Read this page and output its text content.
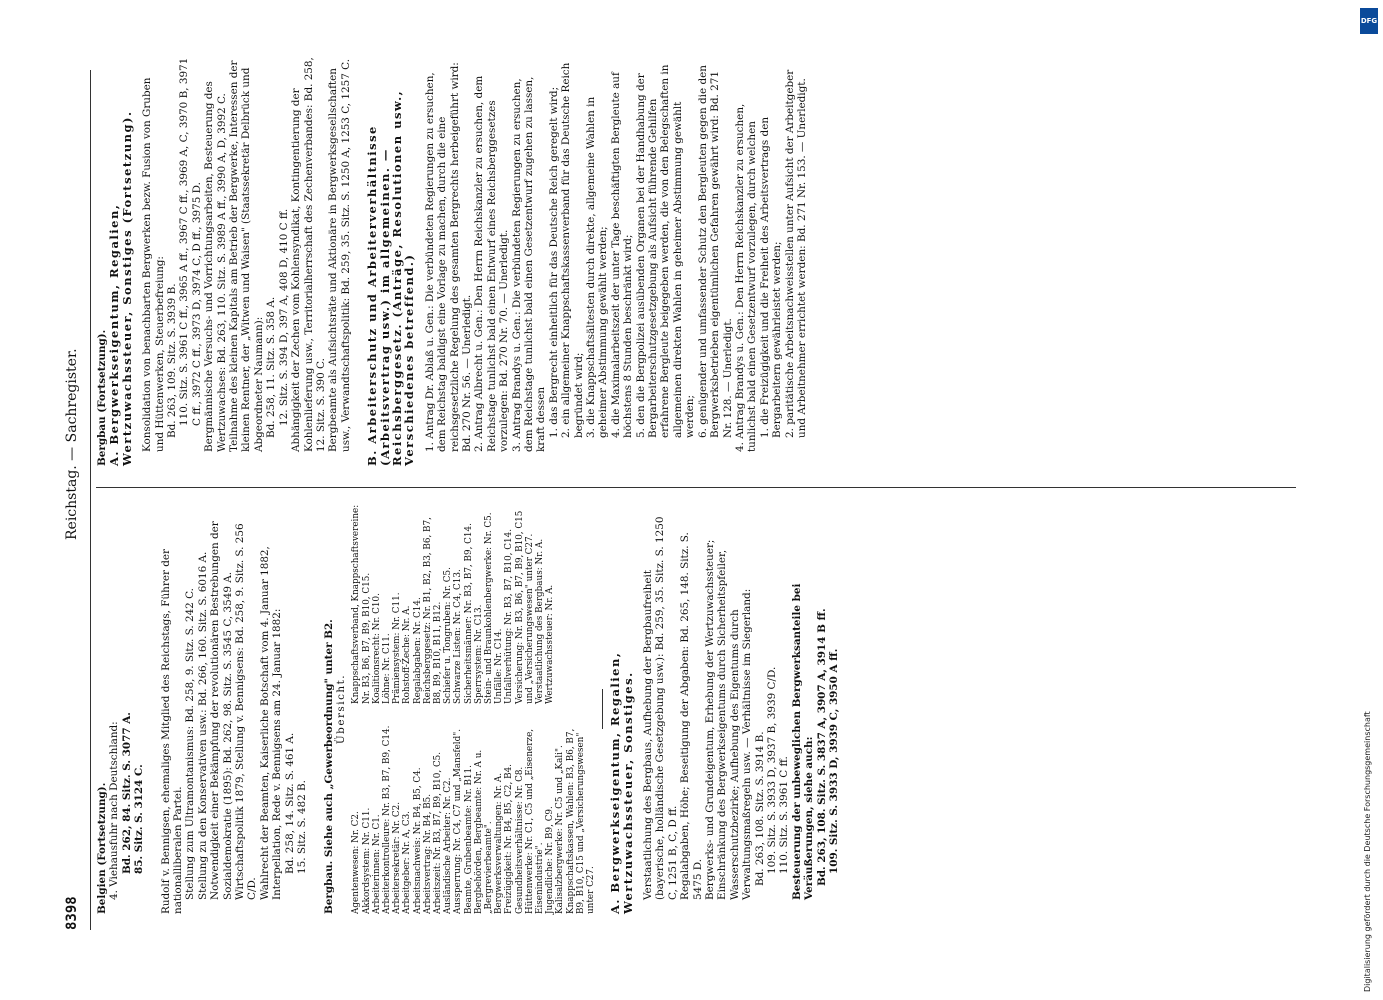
8398
Reichstag. — Sachregister.

Belgien (Fortsetzung). 4. Viehausfuhr nach Deutschland: Bd. 262, 84. Sitz. S. 3077 A. 85. Sitz. S. 3124 C. Rudolf v. Bennigsen, ehemaliges Mitglied des Reichstags, Führer der nationalliberalen Partei. Stellung zum Ultramontanismus: Bd. 258, 9. Sitz. S. 242 C. Stellung zu den Konservativen usw.: Bd. 266, 160. Sitz. S. 6016 A. Notwendigkeit einer Bekämpfung der revolutionären Bestrebungen der Sozialdemokratie (1895): Bd. 262, 98. Sitz. S. 3545 C, 3549 A. Wirtschaftspolitik 1879, Stellung v. Bennigsens: Bd. 258, 9. Sitz. S. 256 C/D. Wahlrecht der Beamten, Kaiserliche Botschaft vom 4. Januar 1882, Interpellation, Rede v. Bennigsens am 24. Januar 1882: Bd. 258, 14. Sitz. S. 461 A. 15. Sitz. S. 482 B. Bergbau. Siehe auch „Gewerbeordnung" unter B2. Übersicht.

Agentenwesen: Nr. C2. Akkordsystem: Nr. C11. Arbeiterinnen: Nr. C1. Arbeiterkontrolleure: Nr. B3, B7, B9, C14. Arbeitersekretär: Nr. C2. Arbeitgeber: Nr. A, C3. Arbeitsnachweis: Nr. B4, B5, C4. Arbeitsvertrag: Nr. B4, B5. Arbeitszeit: Nr. B3, B7, B9, B10, C5. Ausländische Arbeiter: Nr. C2. Aussperrung: Nr. C4, C7 und „Mansfeld". Beamte, Grubenbeamte: Nr. B11. Bergbehörden, Bergbeamte: Nr. A u. „Bergrevierbeamte". Bergwerksverwaltungen: Nr. A. Freizügigkeit: Nr. B4, B5, C2, B4. Gesundheitsverhältnisse: Nr. C8. Hüttenwerke: Nr. C1, C5 und „Eisenerze, Eisenindustrie". Jugendliche: Nr. B9, C9. Kalisalzbergwerke: Nr. C5 und „Kali". Knappschaftskassen, Wahlen: B3, B6, B7, B9, B10, C15 und „Versicherungswesen" unter C27.

Knappschaftsverband, Knappschaftsvereine: Nr. B3, B6, B7, B9, B10, C15. Koalitionsrecht: Nr. C10. Löhne: Nr. C11. Prämiensystem: Nr. C11. Rohstoff-Zeche: Nr. A. Regalabgaben: Nr. C14. Reichsberggesetz: Nr. B1, B2, B3, B6, B7, B8, B9, B10, B11, B12. Schiefer u. Tongruben: Nr. C5. Schwarze Listen: Nr. C4, C13. Sicherheitsmänner: Nr. B3, B7, B9, C14. Sperrsystem: Nr. C13. Stein- und Braunkohlenbergwerke: Nr. C5. Unfälle: Nr. C14. Unfallverhütung: Nr. B3, B7, B10, C14. Versicherung: Nr. B3, B6, B7, B9, B10, C15 und „Versicherungswesen" unter C27. Verstaatlichung des Bergbaus: Nr. A. Wertzuwachssteuer: Nr. A.

A. Bergwerkseigentum, Regalien, Wertzuwachssteuer, Sonstiges. Verstaatlichung des Bergbaus, Aufhebung der Bergbaufreiheit (bayerische, holländische Gesetzgebung usw.): Bd. 259, 35. Sitz. S. 1250 C, 1251 B, C, D ff. Regalabgaben, Höhe; Beseitigung der Abgaben: Bd. 265, 148. Sitz. S. 5475 D. Bergwerks- und Grundeigentum, Erhebung der Wertzuwachssteuer; Einschränkung des Bergwerkseigentums durch Sicherheitspfeiler, Wasserschutzbezirke; Aufhebung des Eigentums durch Verwaltungsmaßregeln usw. — Verhältnisse im Siegerland: Bd. 263, 108. Sitz. S. 3914 B. 109. Sitz. S. 3933 D, 3937 B, 3939 C/D. 110. Sitz. S. 3961 C ff. Besteuerung der unbeweglichen Bergwerksanteile bei Veräußerungen, siehe auch: Bd. 263, 108. Sitz. S. 3837 A, 3907 A, 3914 B ff. 109. Sitz. S. 3933 D, 3939 C, 3950 A ff.

Bergbau (Fortsetzung). A. Bergwerkseigentum, Regalien, Wertzuwachssteuer, Sonstiges (Fortsetzung). Konsolidation von benachbarten Bergwerken bezw. Fusion von Gruben und Hüttenwerken, Steuerbefreiung: Bd. 263, 109. Sitz. S. 3939 B. 110. Sitz. S. 3961 C ff., 3965 A ff., 3967 C ff., 3969 A, C, 3970 B, 3971 C ff., 3972 C ff., 3973 D, 3974 C, D ff., 3975 D. Bergmännische Versuchs- und Vorrichtungsarbeiten, Besteuerung des Wertzuwachses: Bd. 263, 110. Sitz. S. 3989 A ff., 3990 A, D, 3992 C. Teilnahme des kleinen Kapitals am Betrieb der Bergwerke, Interessen der kleinen Rentner, der „Witwen und Waisen" (Staatssekretär Delbrück und Abgeordneter Naumann): Bd. 258, 11. Sitz. S. 358 A. 12. Sitz. S. 394 D, 397 A, 408 D, 410 C ff. Abhängigkeit der Zechen vom Kohlensyndikat, Kontingentierung der Kohlenlieferung usw., Territorialherrschaft des Zechenverbandes: Bd. 258, 12. Sitz. S. 390 C. Bergbeamte als Aufsichtsräte und Aktionäre in Bergwerksgesellschaften usw., Verwandtschaftspolitik: Bd. 259, 35. Sitz. S. 1250 A, 1253 C, 1257 C. B. Arbeiterschutz und Arbeiterverhältnisse (Arbeitsvertrag usw.) im allgemeinen. — Reichsberggesetz. (Anträge, Resolutionen usw., Verschiedenes betreffend.) 1. Antrag Dr. Ablaß u. Gen.: Die verbündeten Regierungen zu ersuchen, dem Reichstag baldigst eine Vorlage zu machen, durch die eine reichsgesetzliche Regelung des gesamten Bergrechts herbeigeführt wird: Bd. 270 Nr. 56. — Unerledigt. 2. Antrag Albrecht u. Gen.: Den Herrn Reichskanzler zu ersuchen, dem Reichstage tunlichst bald einen Entwurf eines Reichsberggesetzes vorzulegen: Bd. 270 Nr. 70. — Unerledigt. 3. Antrag Brandys u. Gen.: Die verbündeten Regierungen zu ersuchen, dem Reichstage tunlichst bald einen Gesetzentwurf zugehen zu lassen, kraft dessen 1. das Bergrecht einheitlich für das Deutsche Reich geregelt wird; 2. ein allgemeiner Knappschaftskassenverband für das Deutsche Reich begründet wird; 3. die Knappschaftsältesten durch direkte, allgemeine Wahlen in geheimer Abstimmung gewählt werden; 4. die Maximalarbeitszeit der unter Tage beschäftigten Bergleute auf höchstens 8 Stunden beschränkt wird; 5. den die Bergpolizei ausübenden Organen bei der Handhabung der Bergarbeiterschutzgesetzgebung als Aufsicht führende Gehilfen erfahrene Bergleute beigegeben werden, die von den Belegschaften in allgemeinen direkten Wahlen in geheimer Abstimmung gewählt werden; 6. genügender und umfassender Schutz den Bergleuten gegen die den Bergwerksbetrieben eigentümlichen Gefahren gewährt wird: Bd. 271 Nr. 128. — Unerledigt. 4. Antrag Brandys u. Gen.: Den Herrn Reichskanzler zu ersuchen, tunlichst bald einen Gesetzentwurf vorzulegen, durch welchen 1. die Freizügigkeit und die Freiheit des Arbeitsvertrags den Bergarbeitern gewährleistet werden; 2. paritätische Arbeitsnachweisstellen unter Aufsicht der Arbeitgeber und Arbeitnehmer errichtet werden: Bd. 271 Nr. 153. — Unerledigt.

DFG
Digitalisierung gefördert durch die Deutsche Forschungsgemeinschaft
